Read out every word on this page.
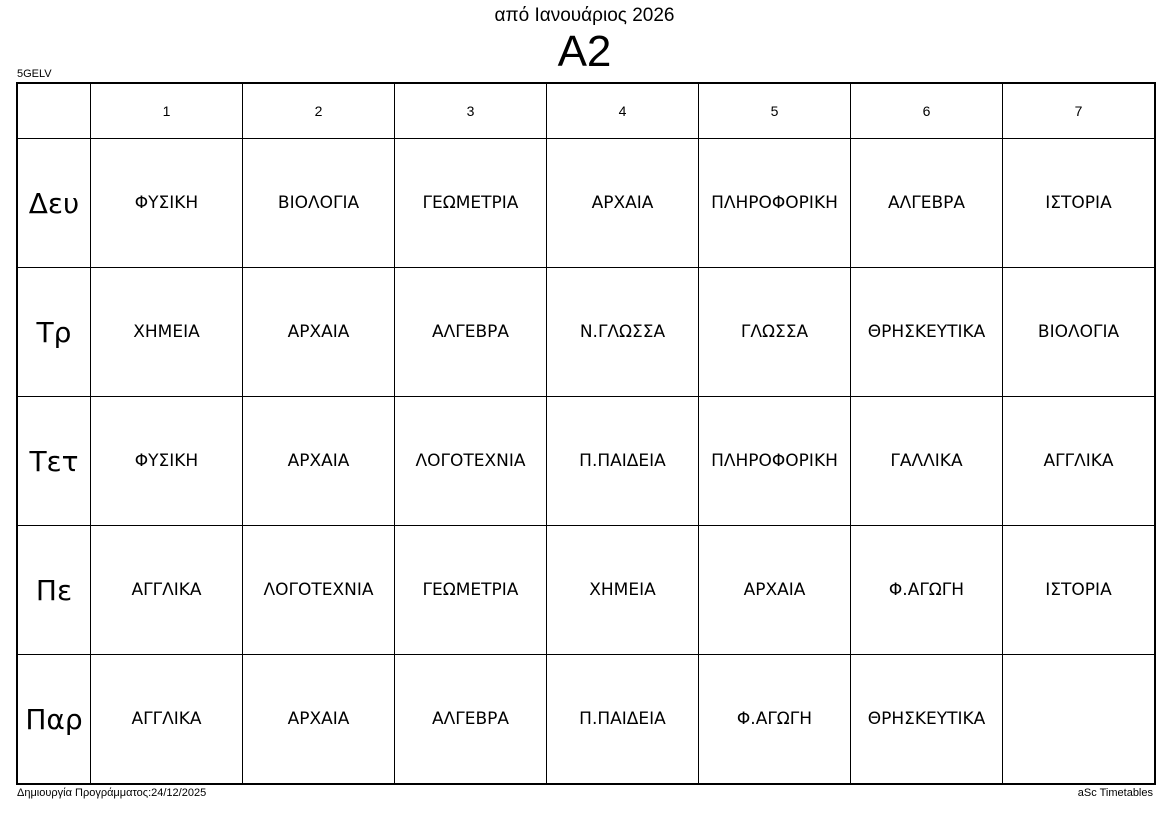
από Ιανουάριος 2026
Α2
5GELV
	1	2	3	4	5	6	7
Δευ	ΦΥΣΙΚΗ	ΒΙΟΛΟΓΙΑ	ΓΕΩΜΕΤΡΙΑ	ΑΡΧΑΙΑ	ΠΛΗΡΟΦΟΡΙΚΗ	ΑΛΓΕΒΡΑ	ΙΣΤΟΡΙΑ
Τρ	ΧΗΜΕΙΑ	ΑΡΧΑΙΑ	ΑΛΓΕΒΡΑ	Ν.ΓΛΩΣΣΑ	ΓΛΩΣΣΑ	ΘΡΗΣΚΕΥΤΙΚΑ	ΒΙΟΛΟΓΙΑ
Τετ	ΦΥΣΙΚΗ	ΑΡΧΑΙΑ	ΛΟΓΟΤΕΧΝΙΑ	Π.ΠΑΙΔΕΙΑ	ΠΛΗΡΟΦΟΡΙΚΗ	ΓΑΛΛΙΚΑ	ΑΓΓΛΙΚΑ
Πε	ΑΓΓΛΙΚΑ	ΛΟΓΟΤΕΧΝΙΑ	ΓΕΩΜΕΤΡΙΑ	ΧΗΜΕΙΑ	ΑΡΧΑΙΑ	Φ.ΑΓΩΓΗ	ΙΣΤΟΡΙΑ
Παρ	ΑΓΓΛΙΚΑ	ΑΡΧΑΙΑ	ΑΛΓΕΒΡΑ	Π.ΠΑΙΔΕΙΑ	Φ.ΑΓΩΓΗ	ΘΡΗΣΚΕΥΤΙΚΑ	
Δημιουργία Προγράμματος:24/12/2025	aSc Timetables
